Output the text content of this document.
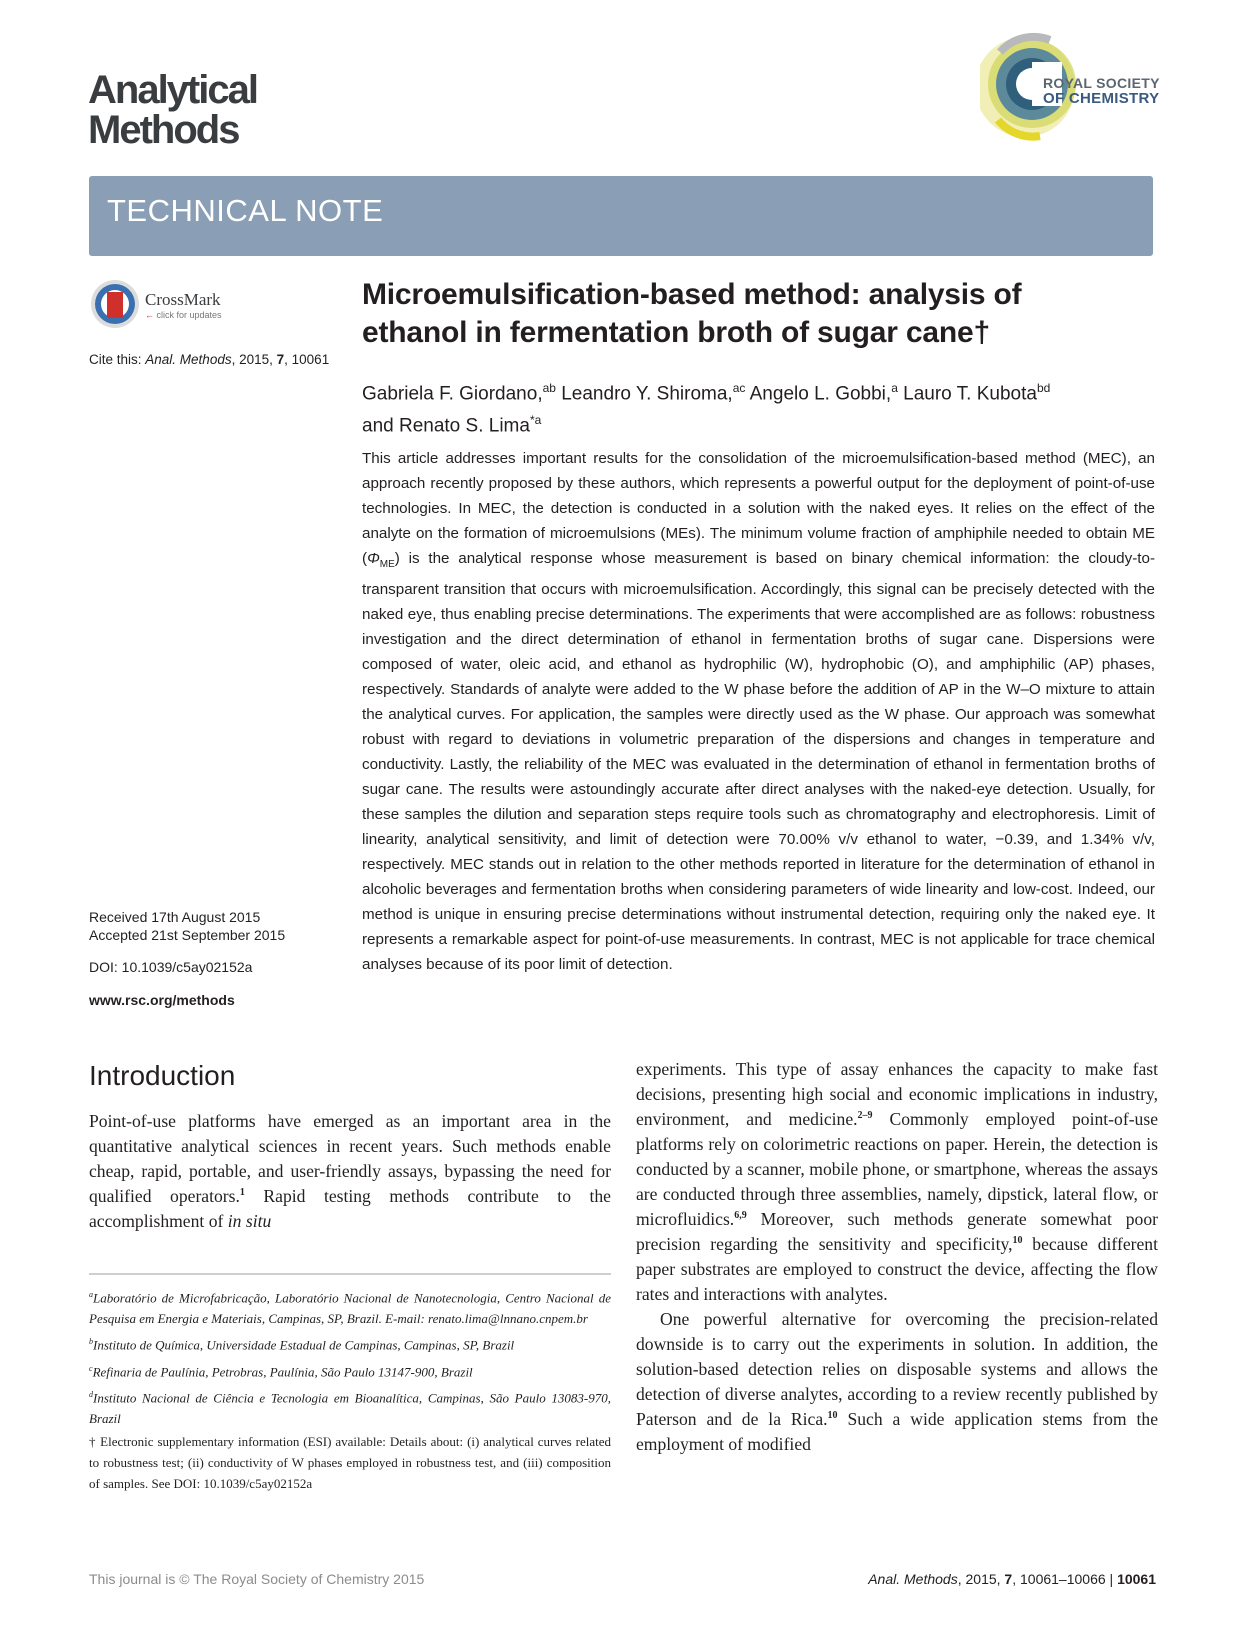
Analytical
Methods
ROYAL SOCIETY
OF CHEMISTRY
TECHNICAL NOTE
CrossMark
← click for updates
Cite this: Anal. Methods, 2015, 7, 10061
Microemulsification-based method: analysis of ethanol in fermentation broth of sugar cane†
Gabriela F. Giordano,$^{ab}$ Leandro Y. Shiroma,$^{ac}$ Angelo L. Gobbi,$^a$ Lauro T. Kubota$^{bd}$
and Renato S. Lima$^{*a}$
This article addresses important results for the consolidation of the microemulsification-based method (MEC), an approach recently proposed by these authors, which represents a powerful output for the deployment of point-of-use technologies. In MEC, the detection is conducted in a solution with the naked eyes. It relies on the effect of the analyte on the formation of microemulsions (MEs). The minimum volume fraction of amphiphile needed to obtain ME $(\Phi_{ME})$ is the analytical response whose measurement is based on binary chemical information: the cloudy-to-transparent transition that occurs with microemulsification. Accordingly, this signal can be precisely detected with the naked eye, thus enabling precise determinations. The experiments that were accomplished are as follows: robustness investigation and the direct determination of ethanol in fermentation broths of sugar cane. Dispersions were composed of water, oleic acid, and ethanol as hydrophilic (W), hydrophobic (O), and amphiphilic (AP) phases, respectively. Standards of analyte were added to the W phase before the addition of AP in the W–O mixture to attain the analytical curves. For application, the samples were directly used as the W phase. Our approach was somewhat robust with regard to deviations in volumetric preparation of the dispersions and changes in temperature and conductivity. Lastly, the reliability of the MEC was evaluated in the determination of ethanol in fermentation broths of sugar cane. The results were astoundingly accurate after direct analyses with the naked-eye detection. Usually, for these samples the dilution and separation steps require tools such as chromatography and electrophoresis. Limit of linearity, analytical sensitivity, and limit of detection were 70.00% v/v ethanol to water, −0.39, and 1.34% v/v, respectively. MEC stands out in relation to the other methods reported in literature for the determination of ethanol in alcoholic beverages and fermentation broths when considering parameters of wide linearity and low-cost. Indeed, our method is unique in ensuring precise determinations without instrumental detection, requiring only the naked eye. It represents a remarkable aspect for point-of-use measurements. In contrast, MEC is not applicable for trace chemical analyses because of its poor limit of detection.
Received 17th August 2015
Accepted 21st September 2015
DOI: 10.1039/c5ay02152a
www.rsc.org/methods
Introduction

Point-of-use platforms have emerged as an important area in the quantitative analytical sciences in recent years. Such methods enable cheap, rapid, portable, and user-friendly assays, bypassing the need for qualified operators.$^1$ Rapid testing methods contribute to the accomplishment of in situ

$^a$Laboratório de Microfabricação, Laboratório Nacional de Nanotecnologia, Centro Nacional de Pesquisa em Energia e Materiais, Campinas, SP, Brazil. E-mail: renato.lima@lnnano.cnpem.br

$^b$Instituto de Química, Universidade Estadual de Campinas, Campinas, SP, Brazil

$^c$Refinaria de Paulínia, Petrobras, Paulínia, São Paulo 13147-900, Brazil

$^d$Instituto Nacional de Ciência e Tecnologia em Bioanalítica, Campinas, São Paulo 13083-970, Brazil

† Electronic supplementary information (ESI) available: Details about: (i) analytical curves related to robustness test; (ii) conductivity of W phases employed in robustness test, and (iii) composition of samples. See DOI: 10.1039/c5ay02152a

experiments. This type of assay enhances the capacity to make fast decisions, presenting high social and economic implications in industry, environment, and medicine.$^{2-9}$ Commonly employed point-of-use platforms rely on colorimetric reactions on paper. Herein, the detection is conducted by a scanner, mobile phone, or smartphone, whereas the assays are conducted through three assemblies, namely, dipstick, lateral flow, or microfluidics.$^{6,9}$ Moreover, such methods generate somewhat poor precision regarding the sensitivity and specificity,$^{10}$ because different paper substrates are employed to construct the device, affecting the flow rates and interactions with analytes.

One powerful alternative for overcoming the precision-related downside is to carry out the experiments in solution. In addition, the solution-based detection relies on disposable systems and allows the detection of diverse analytes, according to a review recently published by Paterson and de la Rica.$^{10}$ Such a wide application stems from the employment of modified

This journal is © The Royal Society of Chemistry 2015	Anal. Methods, 2015, 7, 10061–10066 | 10061
